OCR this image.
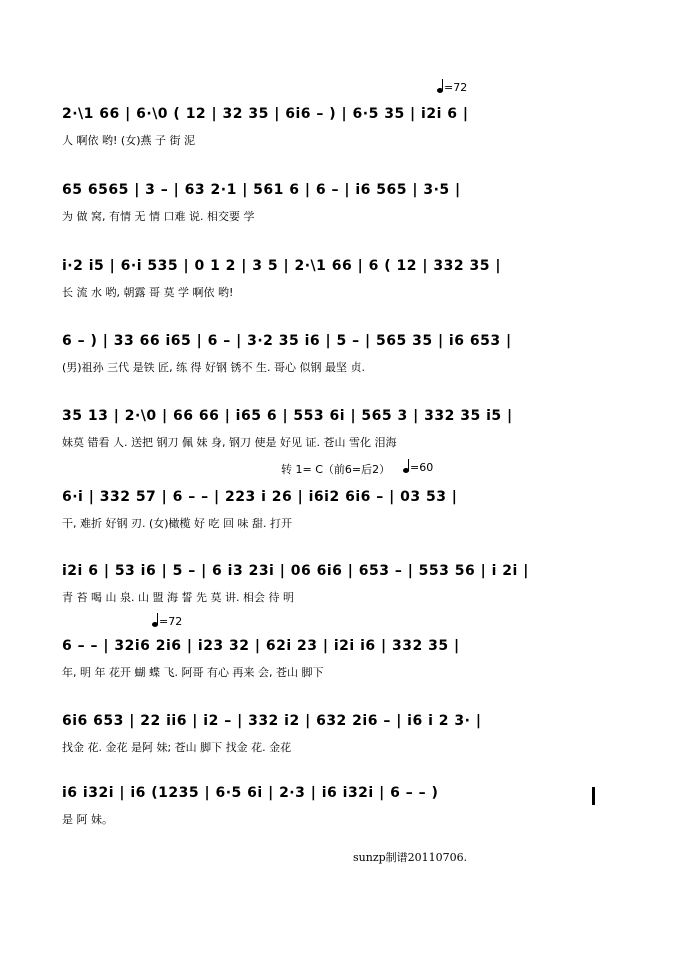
=72
转 1= C（前6=后2）	=60
=72
2·\1 66 | 6·\0 ( 12 | 32 35 | 6i6 – ) | 6·5 35 | i2i 6 |
人 啊依 哟! (女)燕 子 街 泥
65 6565 | 3 – | 63 2·1 | 561 6 | 6 – | i6 565 | 3·5 |
为 做 窝, 有情 无 情 口难 说. 相交要 学
i·2 i5 | 6·i 535 | 0 1 2 | 3 5 | 2·\1 66 | 6 ( 12 | 332 35 |
长 流 水 哟, 朝露 哥 莫 学 啊依 哟!
6 – ) | 33 66 i65 | 6 – | 3·2 35 i6 | 5 – | 565 35 | i6 653 |
(男)祖孙 三代 是铁 匠, 练 得 好钢 锈不 生. 哥心 似钢 最坚 贞.
35 13 | 2·\0 | 66 66 | i65 6 | 553 6i | 565 3 | 332 35 i5 |
妹莫 错看 人. 送把 钢刀 佩 妹 身, 钢刀 使是 好见 证. 苍山 雪化 泪海
6·i | 332 57 | 6 – – | 223 i 26 | i6i2 6i6 – | 03 53 |
干, 难折 好钢 刃. (女)橄榄 好 吃 回 味 甜. 打开
i2i 6 | 53 i6 | 5 – | 6 i3 23i | 06 6i6 | 653 – | 553 56 | i 2i |
青 苔 喝 山 泉. 山 盟 海 誓 先 莫 讲. 相会 待 明
6 – – | 32i6 2i6 | i23 32 | 62i 23 | i2i i6 | 332 35 |
年, 明 年 花开 蝴 蝶 飞. 阿哥 有心 再来 会, 苍山 脚下
6i6 653 | 22 ii6 | i2 – | 332 i2 | 632 2i6 – | i6 i 2 3· |
找金 花. 金花 是阿 妹; 苍山 脚下 找金 花. 金花
i6 i32i | i6 (1235 | 6·5 6i | 2·3 | i6 i32i | 6 – – )
是 阿 妹。
sunzp制谱20110706.
